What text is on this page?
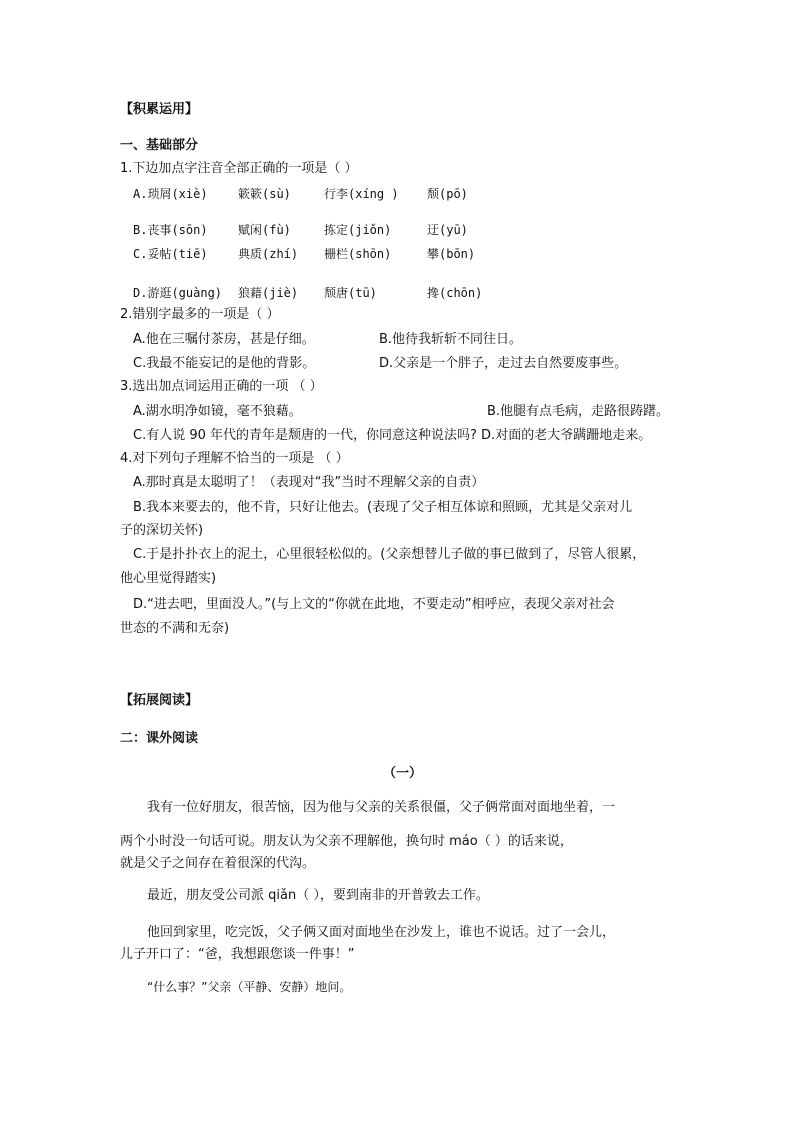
【积累运用】
一、基础部分
1.下边加点字注音全部正确的一项是（ ）
A.琐屑(xiè)	簌簌(sù)	行李(xíng ) 颓(pō)
B.丧事(sōn)	赋闲(fù)	拣定(jiǒn)	迂(yū)
C.妥帖(tiē)	典质(zhí) 栅栏(shōn)	攀(bōn)
D.游逛(guàng) 狼藉(jiè) 颓唐(tū)	搀(chōn)
2.错别字最多的一项是（ ）
A.他在三嘱付茶房，甚是仔细。	B.他待我斩斩不同往日。
C.我最不能妄记的是他的背影。	D.父亲是一个胖子，走过去自然要废事些。
3.选出加点词运用正确的一项 （ ）
A.湖水明净如镜，毫不狼藉。	B.他腿有点毛病，走路很踌躇。
C.有人说 90 年代的青年是颓唐的一代，你同意这种说法吗? D.对面的老大爷蹒跚地走来。
4.对下列句子理解不恰当的一项是 （ ）
A.那时真是太聪明了！（表现对“我”当时不理解父亲的自责）
B.我本来要去的，他不肯，只好让他去。(表现了父子相互体谅和照顾，尤其是父亲对儿
子的深切关怀)
C.于是扑扑衣上的泥土，心里很轻松似的。(父亲想替儿子做的事已做到了，尽管人很累，
他心里觉得踏实)
D.“进去吧，里面没人。”(与上文的“你就在此地，不要走动”相呼应，表现父亲对社会
世态的不满和无奈)
【拓展阅读】
二：课外阅读
（一）
我有一位好朋友，很苦恼，因为他与父亲的关系很僵，父子俩常面对面地坐着，一
两个小时没一句话可说。朋友认为父亲不理解他，换句时 máo（ ）的话来说，
就是父子之间存在着很深的代沟。
最近，朋友受公司派 qiǎn（ ），要到南非的开普敦去工作。
他回到家里，吃完饭，父子俩又面对面地坐在沙发上，谁也不说话。过了一会儿，
儿子开口了：“爸，我想跟您谈一件事！”
“什么事？”父亲（平静、安静）地问。
